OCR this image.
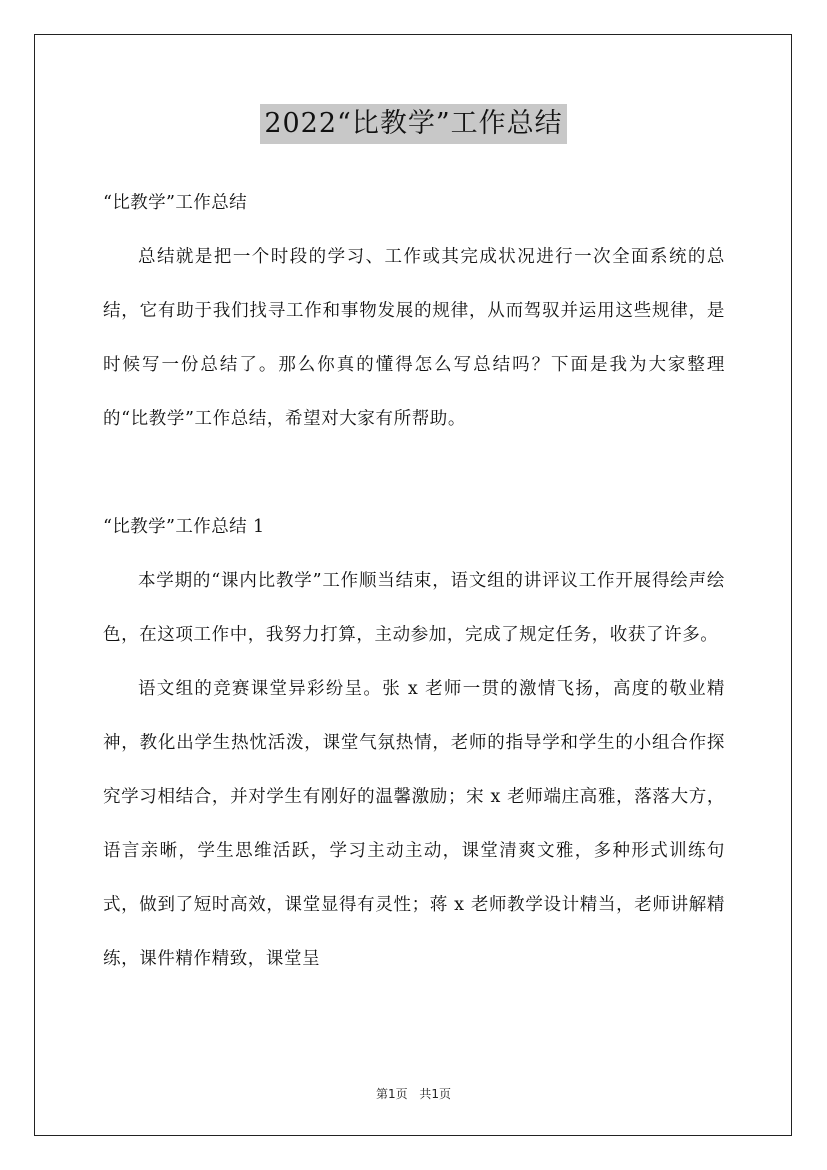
2022“比教学”工作总结

“比教学”工作总结

总结就是把一个时段的学习、工作或其完成状况进行一次全面系统的总结，它有助于我们找寻工作和事物发展的规律，从而驾驭并运用这些规律，是时候写一份总结了。那么你真的懂得怎么写总结吗？下面是我为大家整理的“比教学”工作总结，希望对大家有所帮助。

“比教学”工作总结 1

本学期的“课内比教学”工作顺当结束，语文组的讲评议工作开展得绘声绘色，在这项工作中，我努力打算，主动参加，完成了规定任务，收获了许多。

语文组的竞赛课堂异彩纷呈。张 x 老师一贯的激情飞扬，高度的敬业精神，教化出学生热忱活泼，课堂气氛热情，老师的指导学和学生的小组合作探究学习相结合，并对学生有刚好的温馨激励；宋 x 老师端庄高雅，落落大方，语言亲晰，学生思维活跃，学习主动主动，课堂清爽文雅，多种形式训练句式，做到了短时高效，课堂显得有灵性；蒋 x 老师教学设计精当，老师讲解精练，课件精作精致，课堂呈

第1页 共1页
